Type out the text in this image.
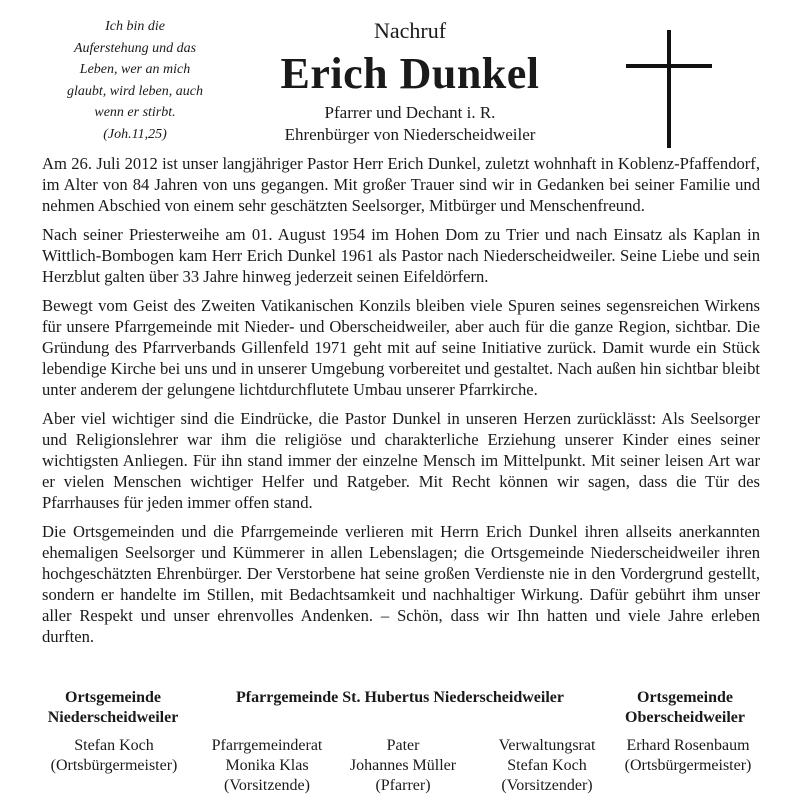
Ich bin die
Auferstehung und das
Leben, wer an mich
glaubt, wird leben, auch
wenn er stirbt.
(Joh.11,25)
Nachruf
Erich Dunkel
Pfarrer und Dechant i. R.
Ehrenbürger von Niederscheidweiler

Am 26. Juli 2012 ist unser langjähriger Pastor Herr Erich Dunkel, zuletzt wohnhaft in Koblenz-Pfaffendorf, im Alter von 84 Jahren von uns gegangen. Mit großer Trauer sind wir in Gedanken bei seiner Familie und nehmen Abschied von einem sehr geschätzten Seelsorger, Mitbürger und Menschenfreund.

Nach seiner Priesterweihe am 01. August 1954 im Hohen Dom zu Trier und nach Einsatz als Kaplan in Wittlich-Bombogen kam Herr Erich Dunkel 1961 als Pastor nach Niederscheidweiler. Seine Liebe und sein Herzblut galten über 33 Jahre hinweg jederzeit seinen Eifeldörfern.

Bewegt vom Geist des Zweiten Vatikanischen Konzils bleiben viele Spuren seines segensreichen Wirkens für unsere Pfarrgemeinde mit Nieder- und Oberscheidweiler, aber auch für die ganze Region, sichtbar. Die Gründung des Pfarrverbands Gillenfeld 1971 geht mit auf seine Initiative zurück. Damit wurde ein Stück lebendige Kirche bei uns und in unserer Umgebung vorbereitet und gestaltet. Nach außen hin sichtbar bleibt unter anderem der gelungene lichtdurchflutete Umbau unserer Pfarrkirche.

Aber viel wichtiger sind die Eindrücke, die Pastor Dunkel in unseren Herzen zurücklässt: Als Seelsorger und Religionslehrer war ihm die religiöse und charakterliche Erziehung unserer Kinder eines seiner wichtigsten Anliegen. Für ihn stand immer der einzelne Mensch im Mittelpunkt. Mit seiner leisen Art war er vielen Menschen wichtiger Helfer und Ratgeber. Mit Recht können wir sagen, dass die Tür des Pfarrhauses für jeden immer offen stand.

Die Ortsgemeinden und die Pfarrgemeinde verlieren mit Herrn Erich Dunkel ihren allseits anerkannten ehemaligen Seelsorger und Kümmerer in allen Lebenslagen; die Ortsgemeinde Niederscheidweiler ihren hochgeschätzten Ehrenbürger. Der Verstorbene hat seine großen Verdienste nie in den Vordergrund gestellt, sondern er handelte im Stillen, mit Bedachtsamkeit und nachhaltiger Wirkung. Dafür gebührt ihm unser aller Respekt und unser ehrenvolles Andenken. – Schön, dass wir Ihn hatten und viele Jahre erleben durften.

Ortsgemeinde
Niederscheidweiler
Pfarrgemeinde St. Hubertus Niederscheidweiler	Ortsgemeinde
Oberscheidweiler
Stefan Koch
(Ortsbürgermeister)
Pfarrgemeinderat
Monika Klas
(Vorsitzende)
Pater
Johannes Müller
(Pfarrer)
Verwaltungsrat
Stefan Koch
(Vorsitzender)
Erhard Rosenbaum
(Ortsbürgermeister)
